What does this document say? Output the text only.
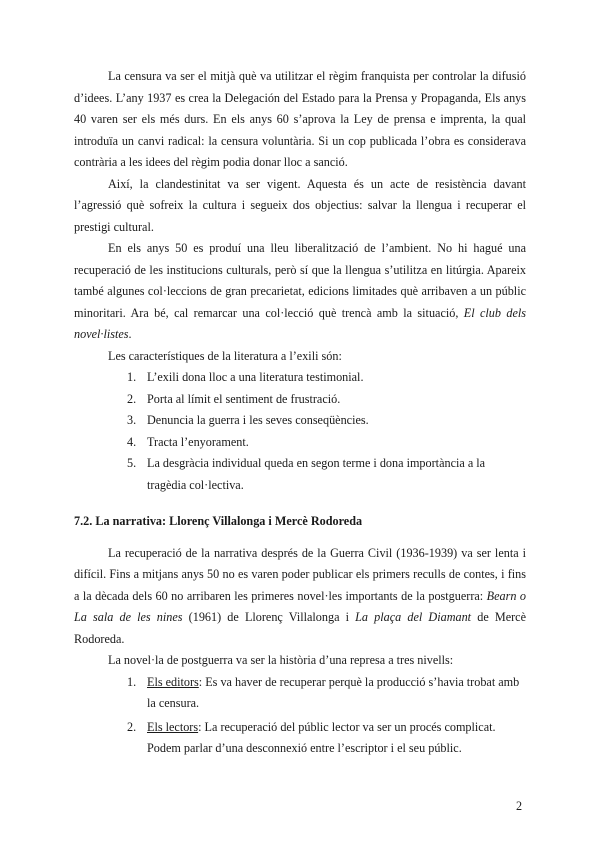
La censura va ser el mitjà què va utilitzar el règim franquista per controlar la difusió d’idees. L’any 1937 es crea la Delegación del Estado para la Prensa y Propaganda, Els anys 40 varen ser els més durs. En els anys 60 s’aprova la Ley de prensa e imprenta, la qual introduïa un canvi radical: la censura voluntària. Si un cop publicada l’obra es considerava contrària a les idees del règim podia donar lloc a sanció.

Així, la clandestinitat va ser vigent. Aquesta és un acte de resistència davant l’agressió què sofreix la cultura i segueix dos objectius: salvar la llengua i recuperar el prestigi cultural.

En els anys 50 es produí una lleu liberalització de l’ambient. No hi hagué una recuperació de les institucions culturals, però sí que la llengua s’utilitza en litúrgia. Apareix també algunes col·leccions de gran precarietat, edicions limitades què arribaven a un públic minoritari. Ara bé, cal remarcar una col·lecció què trencà amb la situació, El club dels novel·listes.

Les característiques de la literatura a l’exili són:

1. L’exili dona lloc a una literatura testimonial.
2. Porta al límit el sentiment de frustració.
3. Denuncia la guerra i les seves conseqüències.
4. Tracta l’enyorament.
5. La desgràcia individual queda en segon terme i dona importància a la tragèdia col·lectiva.
7.2. La narrativa: Llorenç Villalonga i Mercè Rodoreda

La recuperació de la narrativa després de la Guerra Civil (1936-1939) va ser lenta i difícil. Fins a mitjans anys 50 no es varen poder publicar els primers reculls de contes, i fins a la dècada dels 60 no arribaren les primeres novel·les importants de la postguerra: Bearn o La sala de les nines (1961) de Llorenç Villalonga i La plaça del Diamant de Mercè Rodoreda.

La novel·la de postguerra va ser la història d’una represa a tres nivells:

1. Els editors: Es va haver de recuperar perquè la producció s’havia trobat amb la censura.
2. Els lectors: La recuperació del públic lector va ser un procés complicat. Podem parlar d’una desconnexió entre l’escriptor i el seu públic.
2
